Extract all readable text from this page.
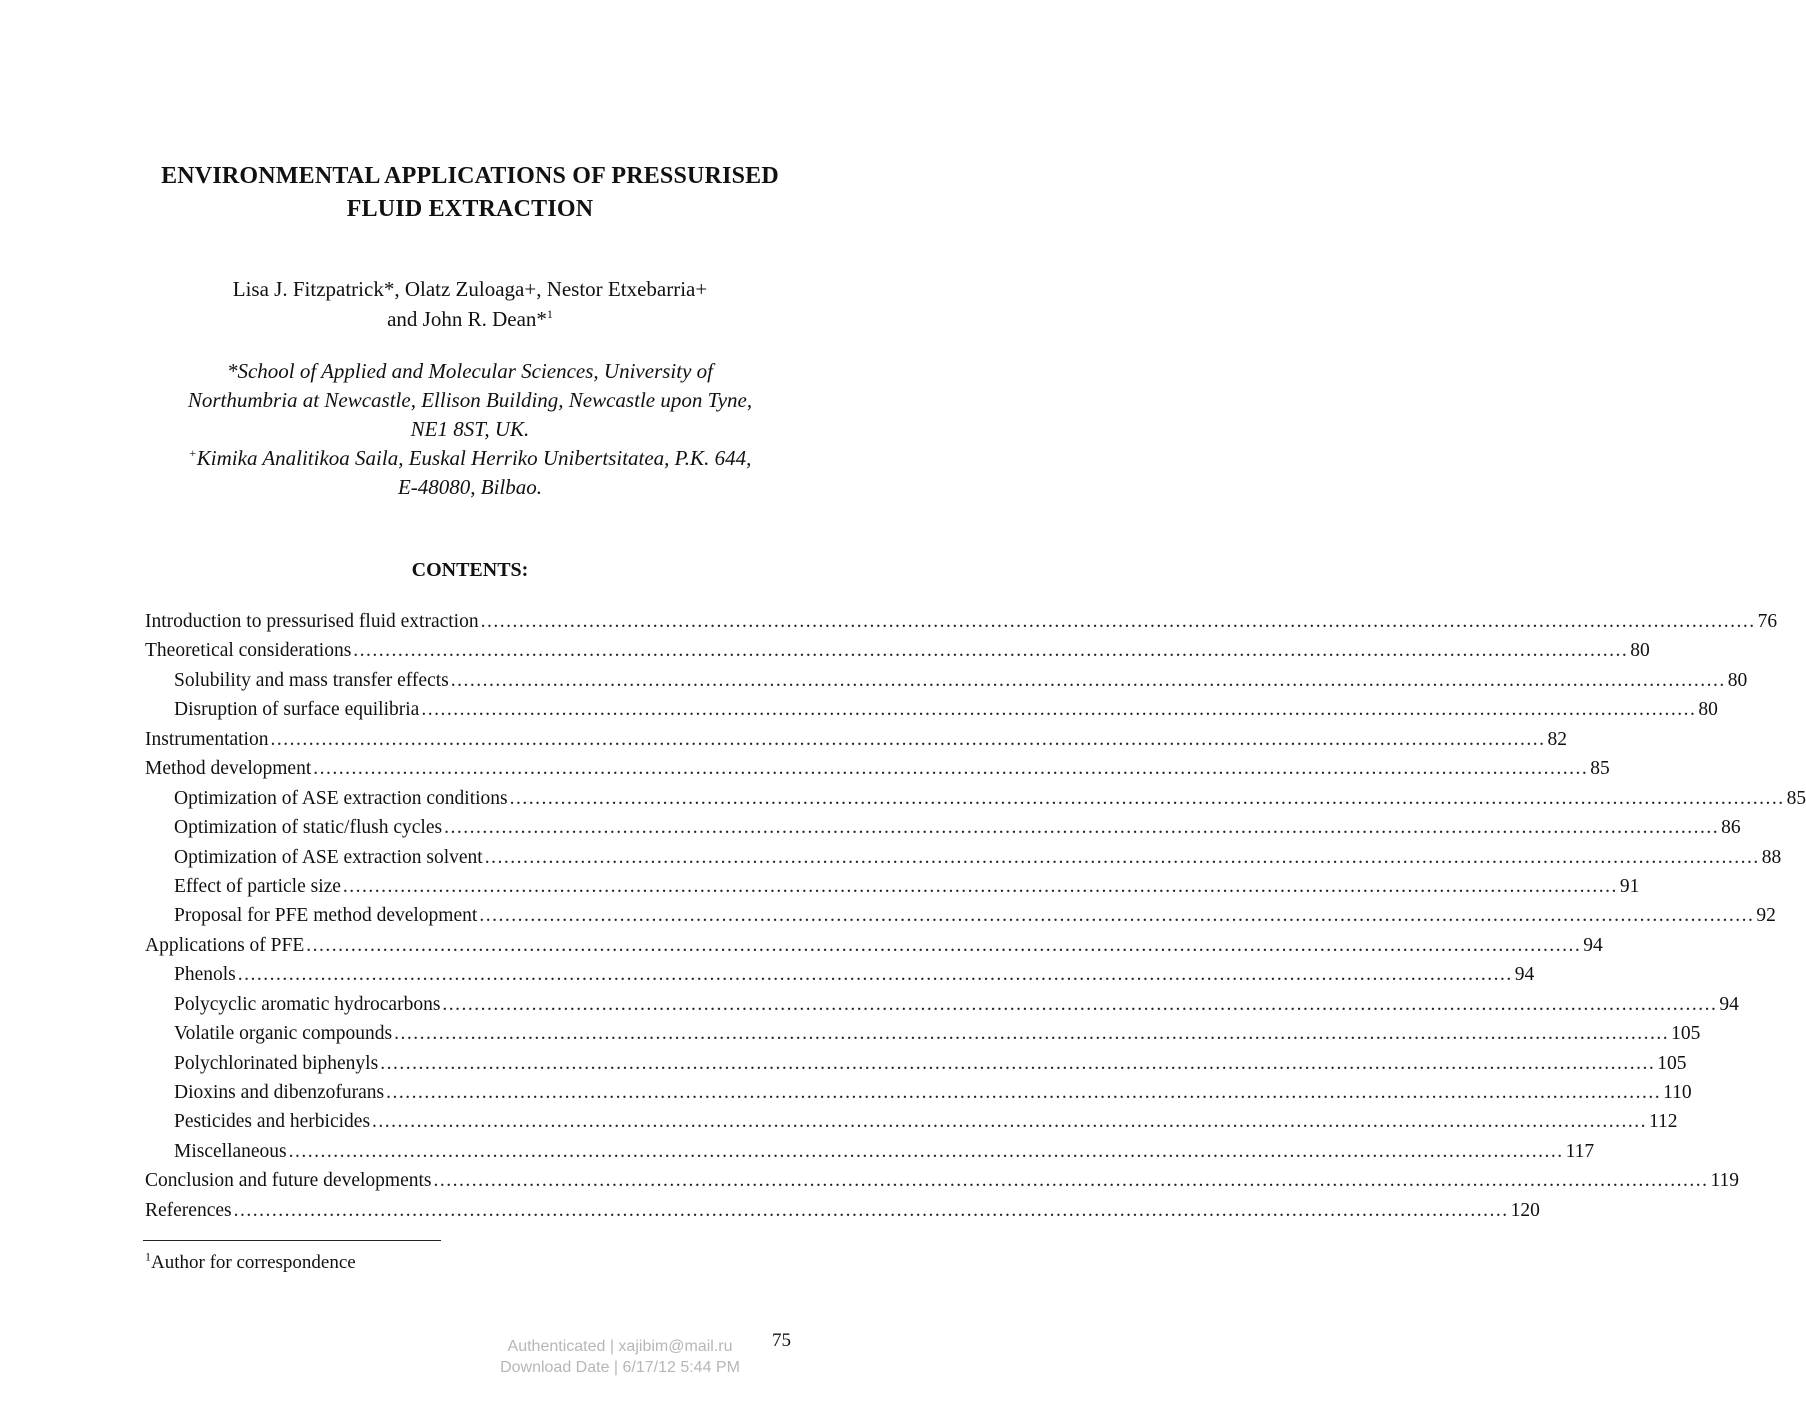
ENVIRONMENTAL APPLICATIONS OF PRESSURISED
FLUID EXTRACTION
Lisa J. Fitzpatrick*, Olatz Zuloaga+, Nestor Etxebarria+
and John R. Dean*$^1$
*School of Applied and Molecular Sciences, University of
Northumbria at Newcastle, Ellison Building, Newcastle upon Tyne,
NE1 8ST, UK.
+Kimika Analitikoa Saila, Euskal Herriko Unibertsitatea, P.K. 644,
E-48080, Bilbao.
CONTENTS:
Introduction to pressurised fluid extraction ........................................................................................................................................................................................................ 76
Theoretical considerations ........................................................................................................................................................................................................ 80
Solubility and mass transfer effects ........................................................................................................................................................................................................ 80
Disruption of surface equilibria ........................................................................................................................................................................................................ 80
Instrumentation ........................................................................................................................................................................................................ 82
Method development ........................................................................................................................................................................................................ 85
Optimization of ASE extraction conditions ........................................................................................................................................................................................................ 85
Optimization of static/flush cycles ........................................................................................................................................................................................................ 86
Optimization of ASE extraction solvent ........................................................................................................................................................................................................ 88
Effect of particle size ........................................................................................................................................................................................................ 91
Proposal for PFE method development ........................................................................................................................................................................................................ 92
Applications of PFE ........................................................................................................................................................................................................ 94
Phenols ........................................................................................................................................................................................................ 94
Polycyclic aromatic hydrocarbons ........................................................................................................................................................................................................ 94
Volatile organic compounds ........................................................................................................................................................................................................ 105
Polychlorinated biphenyls ........................................................................................................................................................................................................ 105
Dioxins and dibenzofurans ........................................................................................................................................................................................................ 110
Pesticides and herbicides ........................................................................................................................................................................................................ 112
Miscellaneous ........................................................................................................................................................................................................ 117
Conclusion and future developments ........................................................................................................................................................................................................ 119
References ........................................................................................................................................................................................................ 120
$^1$Author for correspondence
Authenticated | xajibim@mail.ru
Download Date | 6/17/12 5:44 PM
75
